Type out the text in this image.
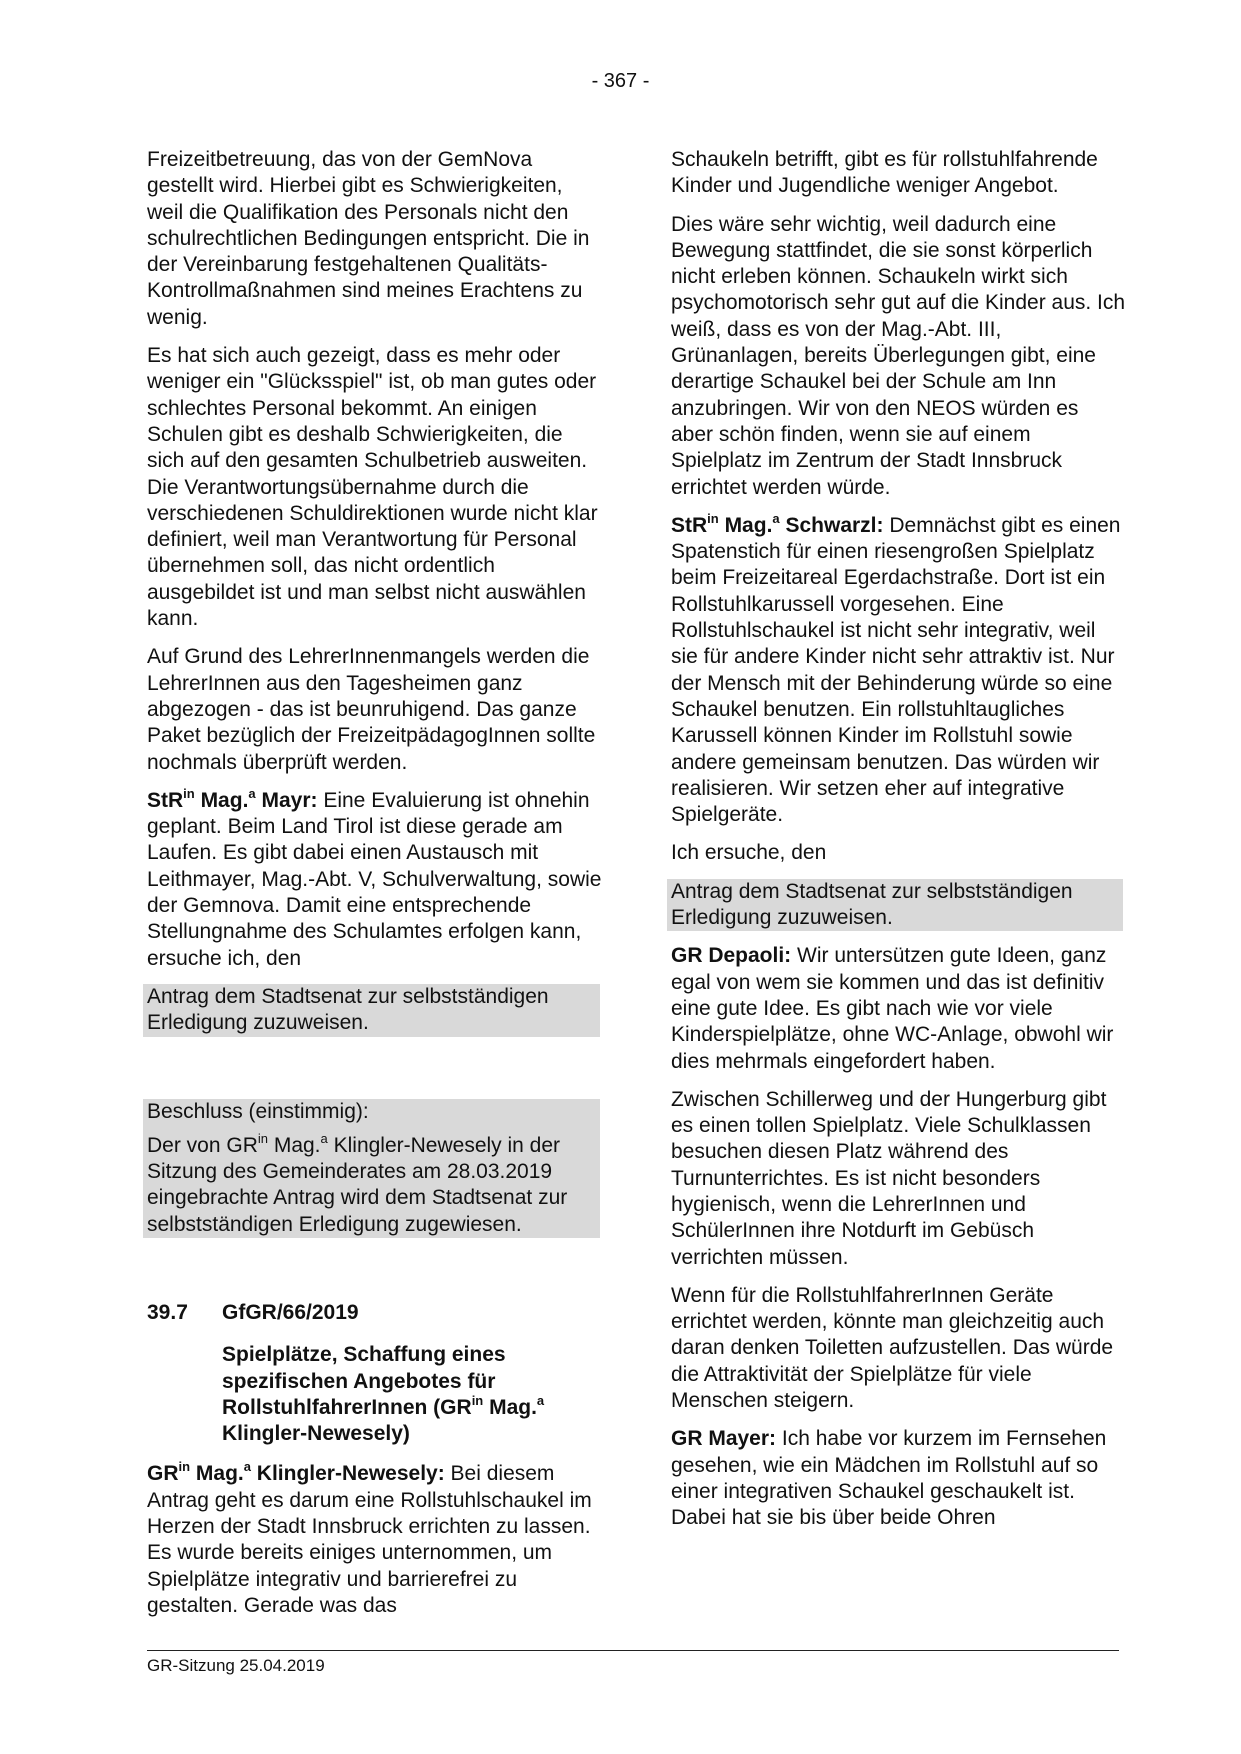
- 367 -

Freizeitbetreuung, das von der GemNova gestellt wird. Hierbei gibt es Schwierigkeiten, weil die Qualifikation des Personals nicht den schulrechtlichen Bedingungen entspricht. Die in der Vereinbarung festgehaltenen Qualitäts-Kontrollmaßnahmen sind meines Erachtens zu wenig.

Es hat sich auch gezeigt, dass es mehr oder weniger ein "Glücksspiel" ist, ob man gutes oder schlechtes Personal bekommt. An einigen Schulen gibt es deshalb Schwierigkeiten, die sich auf den gesamten Schulbetrieb ausweiten. Die Verantwortungsübernahme durch die verschiedenen Schuldirektionen wurde nicht klar definiert, weil man Verantwortung für Personal übernehmen soll, das nicht ordentlich ausgebildet ist und man selbst nicht auswählen kann.

Auf Grund des LehrerInnenmangels werden die LehrerInnen aus den Tagesheimen ganz abgezogen - das ist beunruhigend. Das ganze Paket bezüglich der FreizeitpädagogInnen sollte nochmals überprüft werden.

StR$^{in}$ Mag.$^a$ Mayr: Eine Evaluierung ist ohnehin geplant. Beim Land Tirol ist diese gerade am Laufen. Es gibt dabei einen Austausch mit Leithmayer, Mag.-Abt. V, Schulverwaltung, sowie der Gemnova. Damit eine entsprechende Stellungnahme des Schulamtes erfolgen kann, ersuche ich, den

Antrag dem Stadtsenat zur selbstständigen Erledigung zuzuweisen.

Beschluss (einstimmig):

Der von $GR^{in}$ Mag.$^a$ Klingler-Newesely in der Sitzung des Gemeinderates am 28.03.2019 eingebrachte Antrag wird dem Stadtsenat zur selbstständigen Erledigung zugewiesen.

39.7	GfGR/66/2019
Spielplätze, Schaffung eines spezifischen Angebotes für RollstuhlfahrerInnen ($GR^{in}$ Mag.$^a$ Klingler-Newesely)

$GR^{in}$ Mag.$^a$ Klingler-Newesely: Bei diesem Antrag geht es darum eine Rollstuhlschaukel im Herzen der Stadt Innsbruck errichten zu lassen. Es wurde bereits einiges unternommen, um Spielplätze integrativ und barrierefrei zu gestalten. Gerade was das

Schaukeln betrifft, gibt es für rollstuhlfahrende Kinder und Jugendliche weniger Angebot.

Dies wäre sehr wichtig, weil dadurch eine Bewegung stattfindet, die sie sonst körperlich nicht erleben können. Schaukeln wirkt sich psychomotorisch sehr gut auf die Kinder aus. Ich weiß, dass es von der Mag.-Abt. III, Grünanlagen, bereits Überlegungen gibt, eine derartige Schaukel bei der Schule am Inn anzubringen. Wir von den NEOS würden es aber schön finden, wenn sie auf einem Spielplatz im Zentrum der Stadt Innsbruck errichtet werden würde.

StR$^{in}$ Mag.$^a$ Schwarzl: Demnächst gibt es einen Spatenstich für einen riesengroßen Spielplatz beim Freizeitareal Egerdachstraße. Dort ist ein Rollstuhlkarussell vorgesehen. Eine Rollstuhlschaukel ist nicht sehr integrativ, weil sie für andere Kinder nicht sehr attraktiv ist. Nur der Mensch mit der Behinderung würde so eine Schaukel benutzen. Ein rollstuhltaugliches Karussell können Kinder im Rollstuhl sowie andere gemeinsam benutzen. Das würden wir realisieren. Wir setzen eher auf integrative Spielgeräte.

Ich ersuche, den

Antrag dem Stadtsenat zur selbstständigen Erledigung zuzuweisen.

GR Depaoli: Wir untersützen gute Ideen, ganz egal von wem sie kommen und das ist definitiv eine gute Idee. Es gibt nach wie vor viele Kinderspielplätze, ohne WC-Anlage, obwohl wir dies mehrmals eingefordert haben.

Zwischen Schillerweg und der Hungerburg gibt es einen tollen Spielplatz. Viele Schulklassen besuchen diesen Platz während des Turnunterrichtes. Es ist nicht besonders hygienisch, wenn die LehrerInnen und SchülerInnen ihre Notdurft im Gebüsch verrichten müssen.

Wenn für die RollstuhlfahrerInnen Geräte errichtet werden, könnte man gleichzeitig auch daran denken Toiletten aufzustellen. Das würde die Attraktivität der Spielplätze für viele Menschen steigern.

GR Mayer: Ich habe vor kurzem im Fernsehen gesehen, wie ein Mädchen im Rollstuhl auf so einer integrativen Schaukel geschaukelt ist. Dabei hat sie bis über beide Ohren

GR-Sitzung 25.04.2019
